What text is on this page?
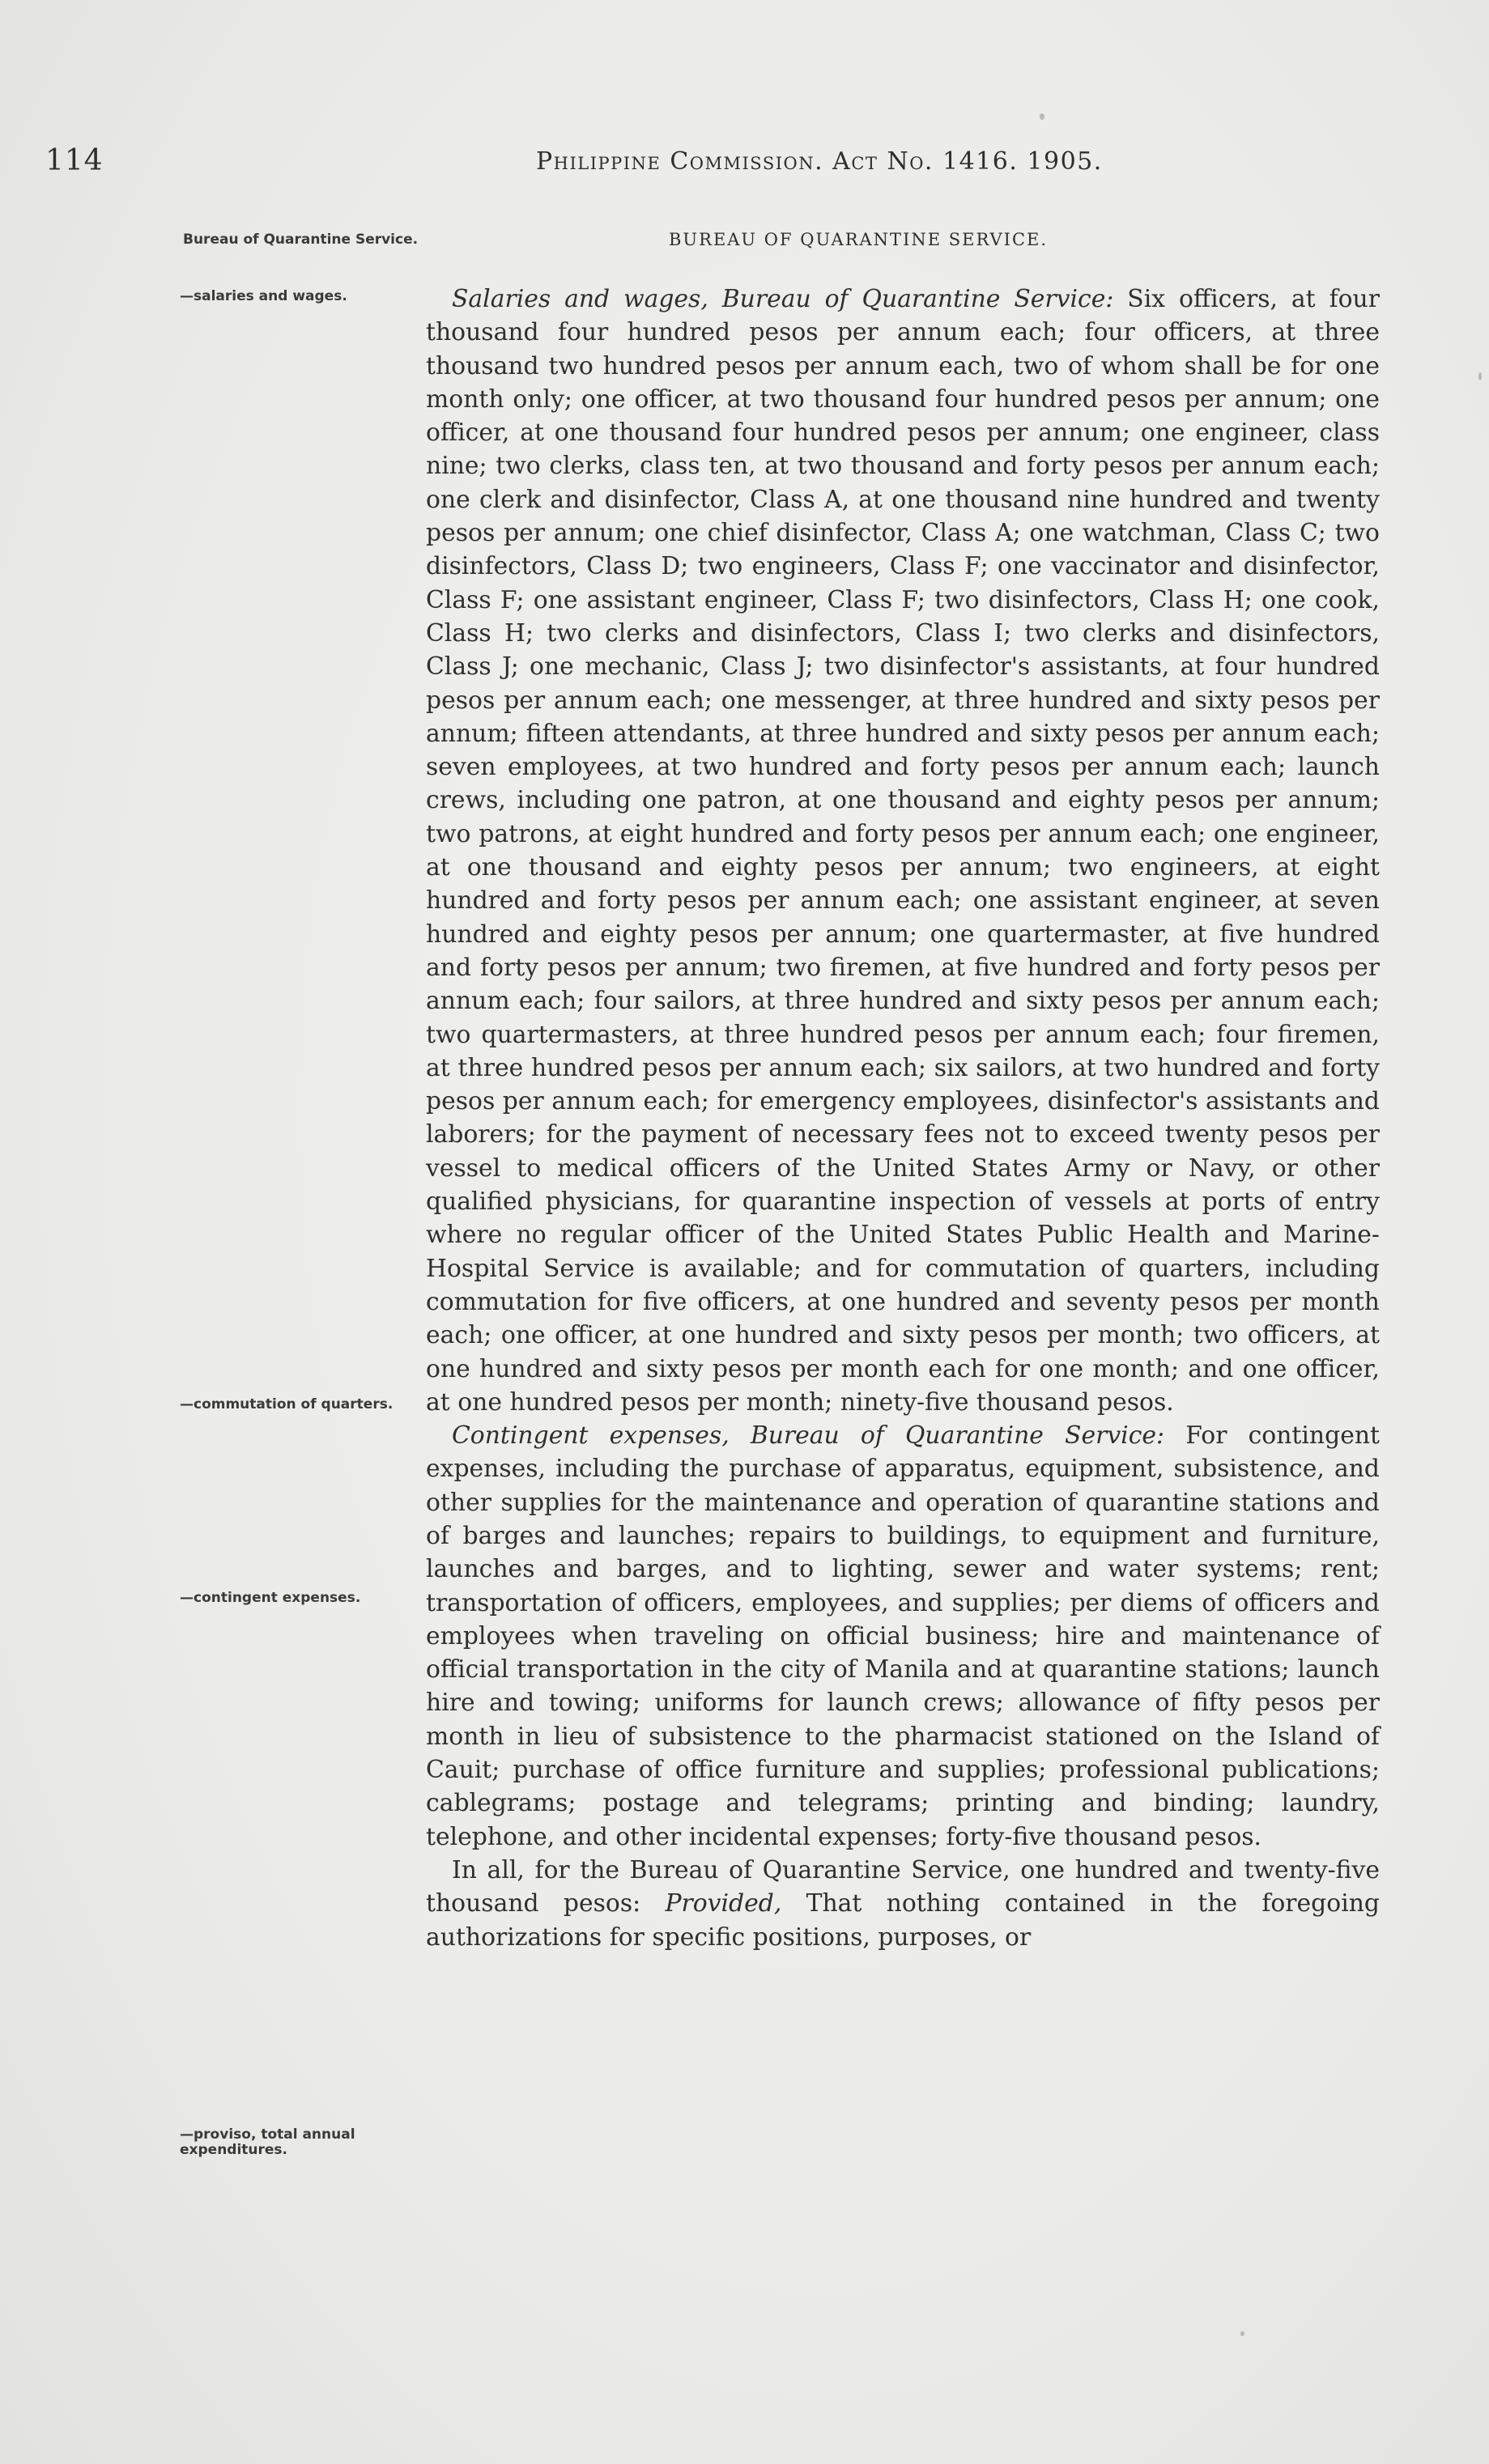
114	Philippine Commission. Act No. 1416. 1905.
BUREAU OF QUARANTINE SERVICE.
Bureau of Quarantine Service.
—salaries and wages.
—commutation of quarters.
—contingent expenses.
—proviso, total annual expenditures.

Salaries and wages, Bureau of Quarantine Service: Six officers, at four thousand four hundred pesos per annum each; four officers, at three thousand two hundred pesos per annum each, two of whom shall be for one month only; one officer, at two thousand four hundred pesos per annum; one officer, at one thousand four hundred pesos per annum; one engineer, class nine; two clerks, class ten, at two thousand and forty pesos per annum each; one clerk and disinfector, Class A, at one thousand nine hundred and twenty pesos per annum; one chief disinfector, Class A; one watchman, Class C; two disinfectors, Class D; two engineers, Class F; one vaccinator and disinfector, Class F; one assistant engineer, Class F; two disinfectors, Class H; one cook, Class H; two clerks and disinfectors, Class I; two clerks and disinfectors, Class J; one mechanic, Class J; two disinfector's assistants, at four hundred pesos per annum each; one messenger, at three hundred and sixty pesos per annum; fifteen attendants, at three hundred and sixty pesos per annum each; seven employees, at two hundred and forty pesos per annum each; launch crews, including one patron, at one thousand and eighty pesos per annum; two patrons, at eight hundred and forty pesos per annum each; one engineer, at one thousand and eighty pesos per annum; two engineers, at eight hundred and forty pesos per annum each; one assistant engineer, at seven hundred and eighty pesos per annum; one quartermaster, at five hundred and forty pesos per annum; two firemen, at five hundred and forty pesos per annum each; four sailors, at three hundred and sixty pesos per annum each; two quartermasters, at three hundred pesos per annum each; four firemen, at three hundred pesos per annum each; six sailors, at two hundred and forty pesos per annum each; for emergency employees, disinfector's assistants and laborers; for the payment of necessary fees not to exceed twenty pesos per vessel to medical officers of the United States Army or Navy, or other qualified physicians, for quarantine inspection of vessels at ports of entry where no regular officer of the United States Public Health and Marine-Hospital Service is available; and for commutation of quarters, including commutation for five officers, at one hundred and seventy pesos per month each; one officer, at one hundred and sixty pesos per month; two officers, at one hundred and sixty pesos per month each for one month; and one officer, at one hundred pesos per month; ninety-five thousand pesos.

Contingent expenses, Bureau of Quarantine Service: For contingent expenses, including the purchase of apparatus, equipment, subsistence, and other supplies for the maintenance and operation of quarantine stations and of barges and launches; repairs to buildings, to equipment and furniture, launches and barges, and to lighting, sewer and water systems; rent; transportation of officers, employees, and supplies; per diems of officers and employees when traveling on official business; hire and maintenance of official transportation in the city of Manila and at quarantine stations; launch hire and towing; uniforms for launch crews; allowance of fifty pesos per month in lieu of subsistence to the pharmacist stationed on the Island of Cauit; purchase of office furniture and supplies; professional publications; cablegrams; postage and telegrams; printing and binding; laundry, telephone, and other incidental expenses; forty-five thousand pesos.

In all, for the Bureau of Quarantine Service, one hundred and twenty-five thousand pesos: Provided, That nothing contained in the foregoing authorizations for specific positions, purposes, or
